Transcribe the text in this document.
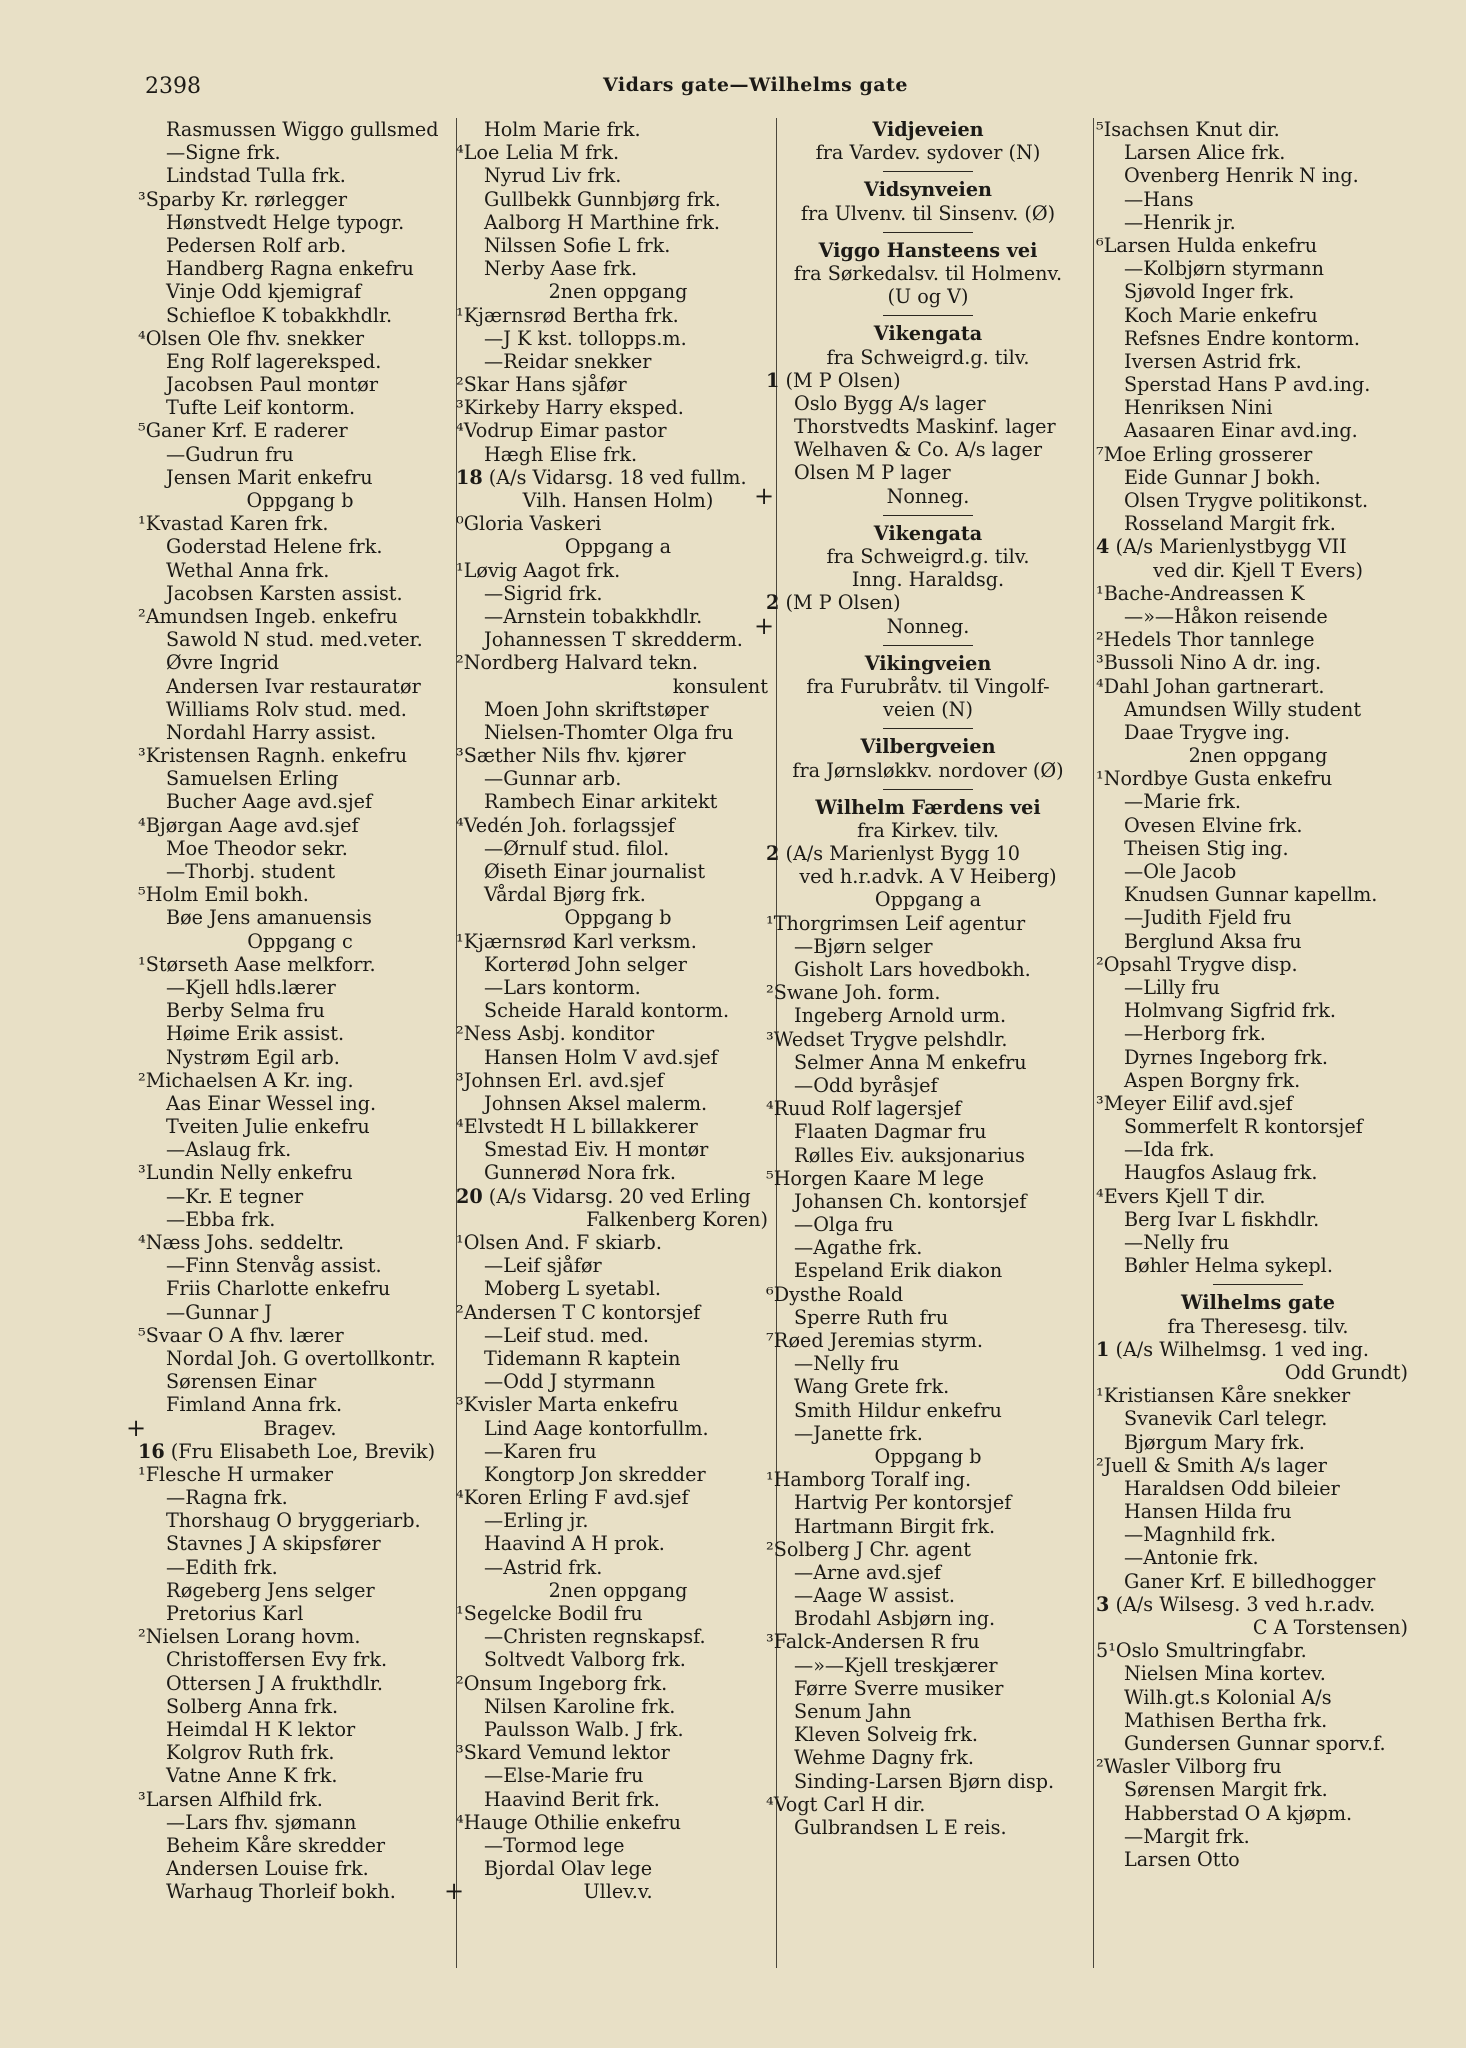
2398	Vidars gate—Wilhelms gate
Rasmussen Wiggo gullsmed
—Signe frk.
Lindstad Tulla frk.
³Sparby Kr. rørlegger
Hønstvedt Helge typogr.
Pedersen Rolf arb.
Handberg Ragna enkefru
Vinje Odd kjemigraf
Schiefloe K tobakkhdlr.
⁴Olsen Ole fhv. snekker
Eng Rolf lagereksped.
Jacobsen Paul montør
Tufte Leif kontorm.
⁵Ganer Krf. E raderer
—Gudrun fru
Jensen Marit enkefru
Oppgang b
¹Kvastad Karen frk.
Goderstad Helene frk.
Wethal Anna frk.
Jacobsen Karsten assist.
²Amundsen Ingeb. enkefru
Sawold N stud. med.veter.
Øvre Ingrid
Andersen Ivar restauratør
Williams Rolv stud. med.
Nordahl Harry assist.
³Kristensen Ragnh. enkefru
Samuelsen Erling
Bucher Aage avd.sjef
⁴Bjørgan Aage avd.sjef
Moe Theodor sekr.
—Thorbj. student
⁵Holm Emil bokh.
Bøe Jens amanuensis
Oppgang c
¹Størseth Aase melkforr.
—Kjell hdls.lærer
Berby Selma fru
Høime Erik assist.
Nystrøm Egil arb.
²Michaelsen A Kr. ing.
Aas Einar Wessel ing.
Tveiten Julie enkefru
—Aslaug frk.
³Lundin Nelly enkefru
—Kr. E tegner
—Ebba frk.
⁴Næss Johs. seddeltr.
—Finn Stenvåg assist.
Friis Charlotte enkefru
—Gunnar J
⁵Svaar O A fhv. lærer
Nordal Joh. G overtollkontr.
Sørensen Einar
Fimland Anna frk.
+	Bragev.
16 (Fru Elisabeth Loe, Brevik)
¹Flesche H urmaker
—Ragna frk.
Thorshaug O bryggeriarb.
Stavnes J A skipsfører
—Edith frk.
Røgeberg Jens selger
Pretorius Karl
²Nielsen Lorang hovm.
Christoffersen Evy frk.
Ottersen J A frukthdlr.
Solberg Anna frk.
Heimdal H K lektor
Kolgrov Ruth frk.
Vatne Anne K frk.
³Larsen Alfhild frk.
—Lars fhv. sjømann
Beheim Kåre skredder
Andersen Louise frk.
Warhaug Thorleif bokh.
Holm Marie frk.
⁴Loe Lelia M frk.
Nyrud Liv frk.
Gullbekk Gunnbjørg frk.
Aalborg H Marthine frk.
Nilssen Sofie L frk.
Nerby Aase frk.
2nen oppgang
¹Kjærnsrød Bertha frk.
—J K kst. tollopps.m.
—Reidar snekker
²Skar Hans sjåfør
³Kirkeby Harry eksped.
⁴Vodrup Eimar pastor
Hægh Elise frk.
18 (A/s Vidarsg. 18 ved fullm.
Vilh. Hansen Holm)
⁰Gloria Vaskeri
Oppgang a
¹Løvig Aagot frk.
—Sigrid frk.
—Arnstein tobakkhdlr.
Johannessen T skredderm.
²Nordberg Halvard tekn.
konsulent
Moen John skriftstøper
Nielsen-Thomter Olga fru
³Sæther Nils fhv. kjører
—Gunnar arb.
Rambech Einar arkitekt
⁴Vedén Joh. forlagssjef
—Ørnulf stud. filol.
Øiseth Einar journalist
Vårdal Bjørg frk.
Oppgang b
¹Kjærnsrød Karl verksm.
Korterød John selger
—Lars kontorm.
Scheide Harald kontorm.
²Ness Asbj. konditor
Hansen Holm V avd.sjef
³Johnsen Erl. avd.sjef
Johnsen Aksel malerm.
⁴Elvstedt H L billakkerer
Smestad Eiv. H montør
Gunnerød Nora frk.
20 (A/s Vidarsg. 20 ved Erling
Falkenberg Koren)
¹Olsen And. F skiarb.
—Leif sjåfør
Moberg L syetabl.
²Andersen T C kontorsjef
—Leif stud. med.
Tidemann R kaptein
—Odd J styrmann
³Kvisler Marta enkefru
Lind Aage kontorfullm.
—Karen fru
Kongtorp Jon skredder
⁴Koren Erling F avd.sjef
—Erling jr.
Haavind A H prok.
—Astrid frk.
2nen oppgang
¹Segelcke Bodil fru
—Christen regnskapsf.
Soltvedt Valborg frk.
²Onsum Ingeborg frk.
Nilsen Karoline frk.
Paulsson Walb. J frk.
³Skard Vemund lektor
—Else-Marie fru
Haavind Berit frk.
⁴Hauge Othilie enkefru
—Tormod lege
Bjordal Olav lege
+	Ullev.v.
Vidjeveien
fra Vardev. sydover (N)
Vidsynveien
fra Ulvenv. til Sinsenv. (Ø)
Viggo Hansteens vei
fra Sørkedalsv. til Holmenv.
(U og V)
Vikengata
fra Schweigrd.g. tilv.
1 (M P Olsen)
Oslo Bygg A/s lager
Thorstvedts Maskinf. lager
Welhaven & Co. A/s lager
Olsen M P lager
+	Nonneg.
Vikengata
fra Schweigrd.g. tilv.
Inng. Haraldsg.
2 (M P Olsen)
+	Nonneg.
Vikingveien
fra Furubråtv. til Vingolf-
veien (N)
Vilbergveien
fra Jørnsløkkv. nordover (Ø)
Wilhelm Færdens vei
fra Kirkev. tilv.
2 (A/s Marienlyst Bygg 10
ved h.r.advk. A V Heiberg)
Oppgang a
¹Thorgrimsen Leif agentur
—Bjørn selger
Gisholt Lars hovedbokh.
²Swane Joh. form.
Ingeberg Arnold urm.
³Wedset Trygve pelshdlr.
Selmer Anna M enkefru
—Odd byråsjef
⁴Ruud Rolf lagersjef
Flaaten Dagmar fru
Rølles Eiv. auksjonarius
⁵Horgen Kaare M lege
Johansen Ch. kontorsjef
—Olga fru
—Agathe frk.
Espeland Erik diakon
⁶Dysthe Roald
Sperre Ruth fru
⁷Røed Jeremias styrm.
—Nelly fru
Wang Grete frk.
Smith Hildur enkefru
—Janette frk.
Oppgang b
¹Hamborg Toralf ing.
Hartvig Per kontorsjef
Hartmann Birgit frk.
²Solberg J Chr. agent
—Arne avd.sjef
—Aage W assist.
Brodahl Asbjørn ing.
³Falck-Andersen R fru
—»—Kjell treskjærer
Førre Sverre musiker
Senum Jahn
Kleven Solveig frk.
Wehme Dagny frk.
Sinding-Larsen Bjørn disp.
⁴Vogt Carl H dir.
Gulbrandsen L E reis.
⁵Isachsen Knut dir.
Larsen Alice frk.
Ovenberg Henrik N ing.
—Hans
—Henrik jr.
⁶Larsen Hulda enkefru
—Kolbjørn styrmann
Sjøvold Inger frk.
Koch Marie enkefru
Refsnes Endre kontorm.
Iversen Astrid frk.
Sperstad Hans P avd.ing.
Henriksen Nini
Aasaaren Einar avd.ing.
⁷Moe Erling grosserer
Eide Gunnar J bokh.
Olsen Trygve politikonst.
Rosseland Margit frk.
4 (A/s Marienlystbygg VII
ved dir. Kjell T Evers)
¹Bache-Andreassen K
—»—Håkon reisende
²Hedels Thor tannlege
³Bussoli Nino A dr. ing.
⁴Dahl Johan gartnerart.
Amundsen Willy student
Daae Trygve ing.
2nen oppgang
¹Nordbye Gusta enkefru
—Marie frk.
Ovesen Elvine frk.
Theisen Stig ing.
—Ole Jacob
Knudsen Gunnar kapellm.
—Judith Fjeld fru
Berglund Aksa fru
²Opsahl Trygve disp.
—Lilly fru
Holmvang Sigfrid frk.
—Herborg frk.
Dyrnes Ingeborg frk.
Aspen Borgny frk.
³Meyer Eilif avd.sjef
Sommerfelt R kontorsjef
—Ida frk.
Haugfos Aslaug frk.
⁴Evers Kjell T dir.
Berg Ivar L fiskhdlr.
—Nelly fru
Bøhler Helma sykepl.
Wilhelms gate
fra Theresesg. tilv.
1 (A/s Wilhelmsg. 1 ved ing.
Odd Grundt)
¹Kristiansen Kåre snekker
Svanevik Carl telegr.
Bjørgum Mary frk.
²Juell & Smith A/s lager
Haraldsen Odd bileier
Hansen Hilda fru
—Magnhild frk.
—Antonie frk.
Ganer Krf. E billedhogger
3 (A/s Wilsesg. 3 ved h.r.adv.
C A Torstensen)
5¹Oslo Smultringfabr.
Nielsen Mina kortev.
Wilh.gt.s Kolonial A/s
Mathisen Bertha frk.
Gundersen Gunnar sporv.f.
²Wasler Vilborg fru
Sørensen Margit frk.
Habberstad O A kjøpm.
—Margit frk.
Larsen Otto
